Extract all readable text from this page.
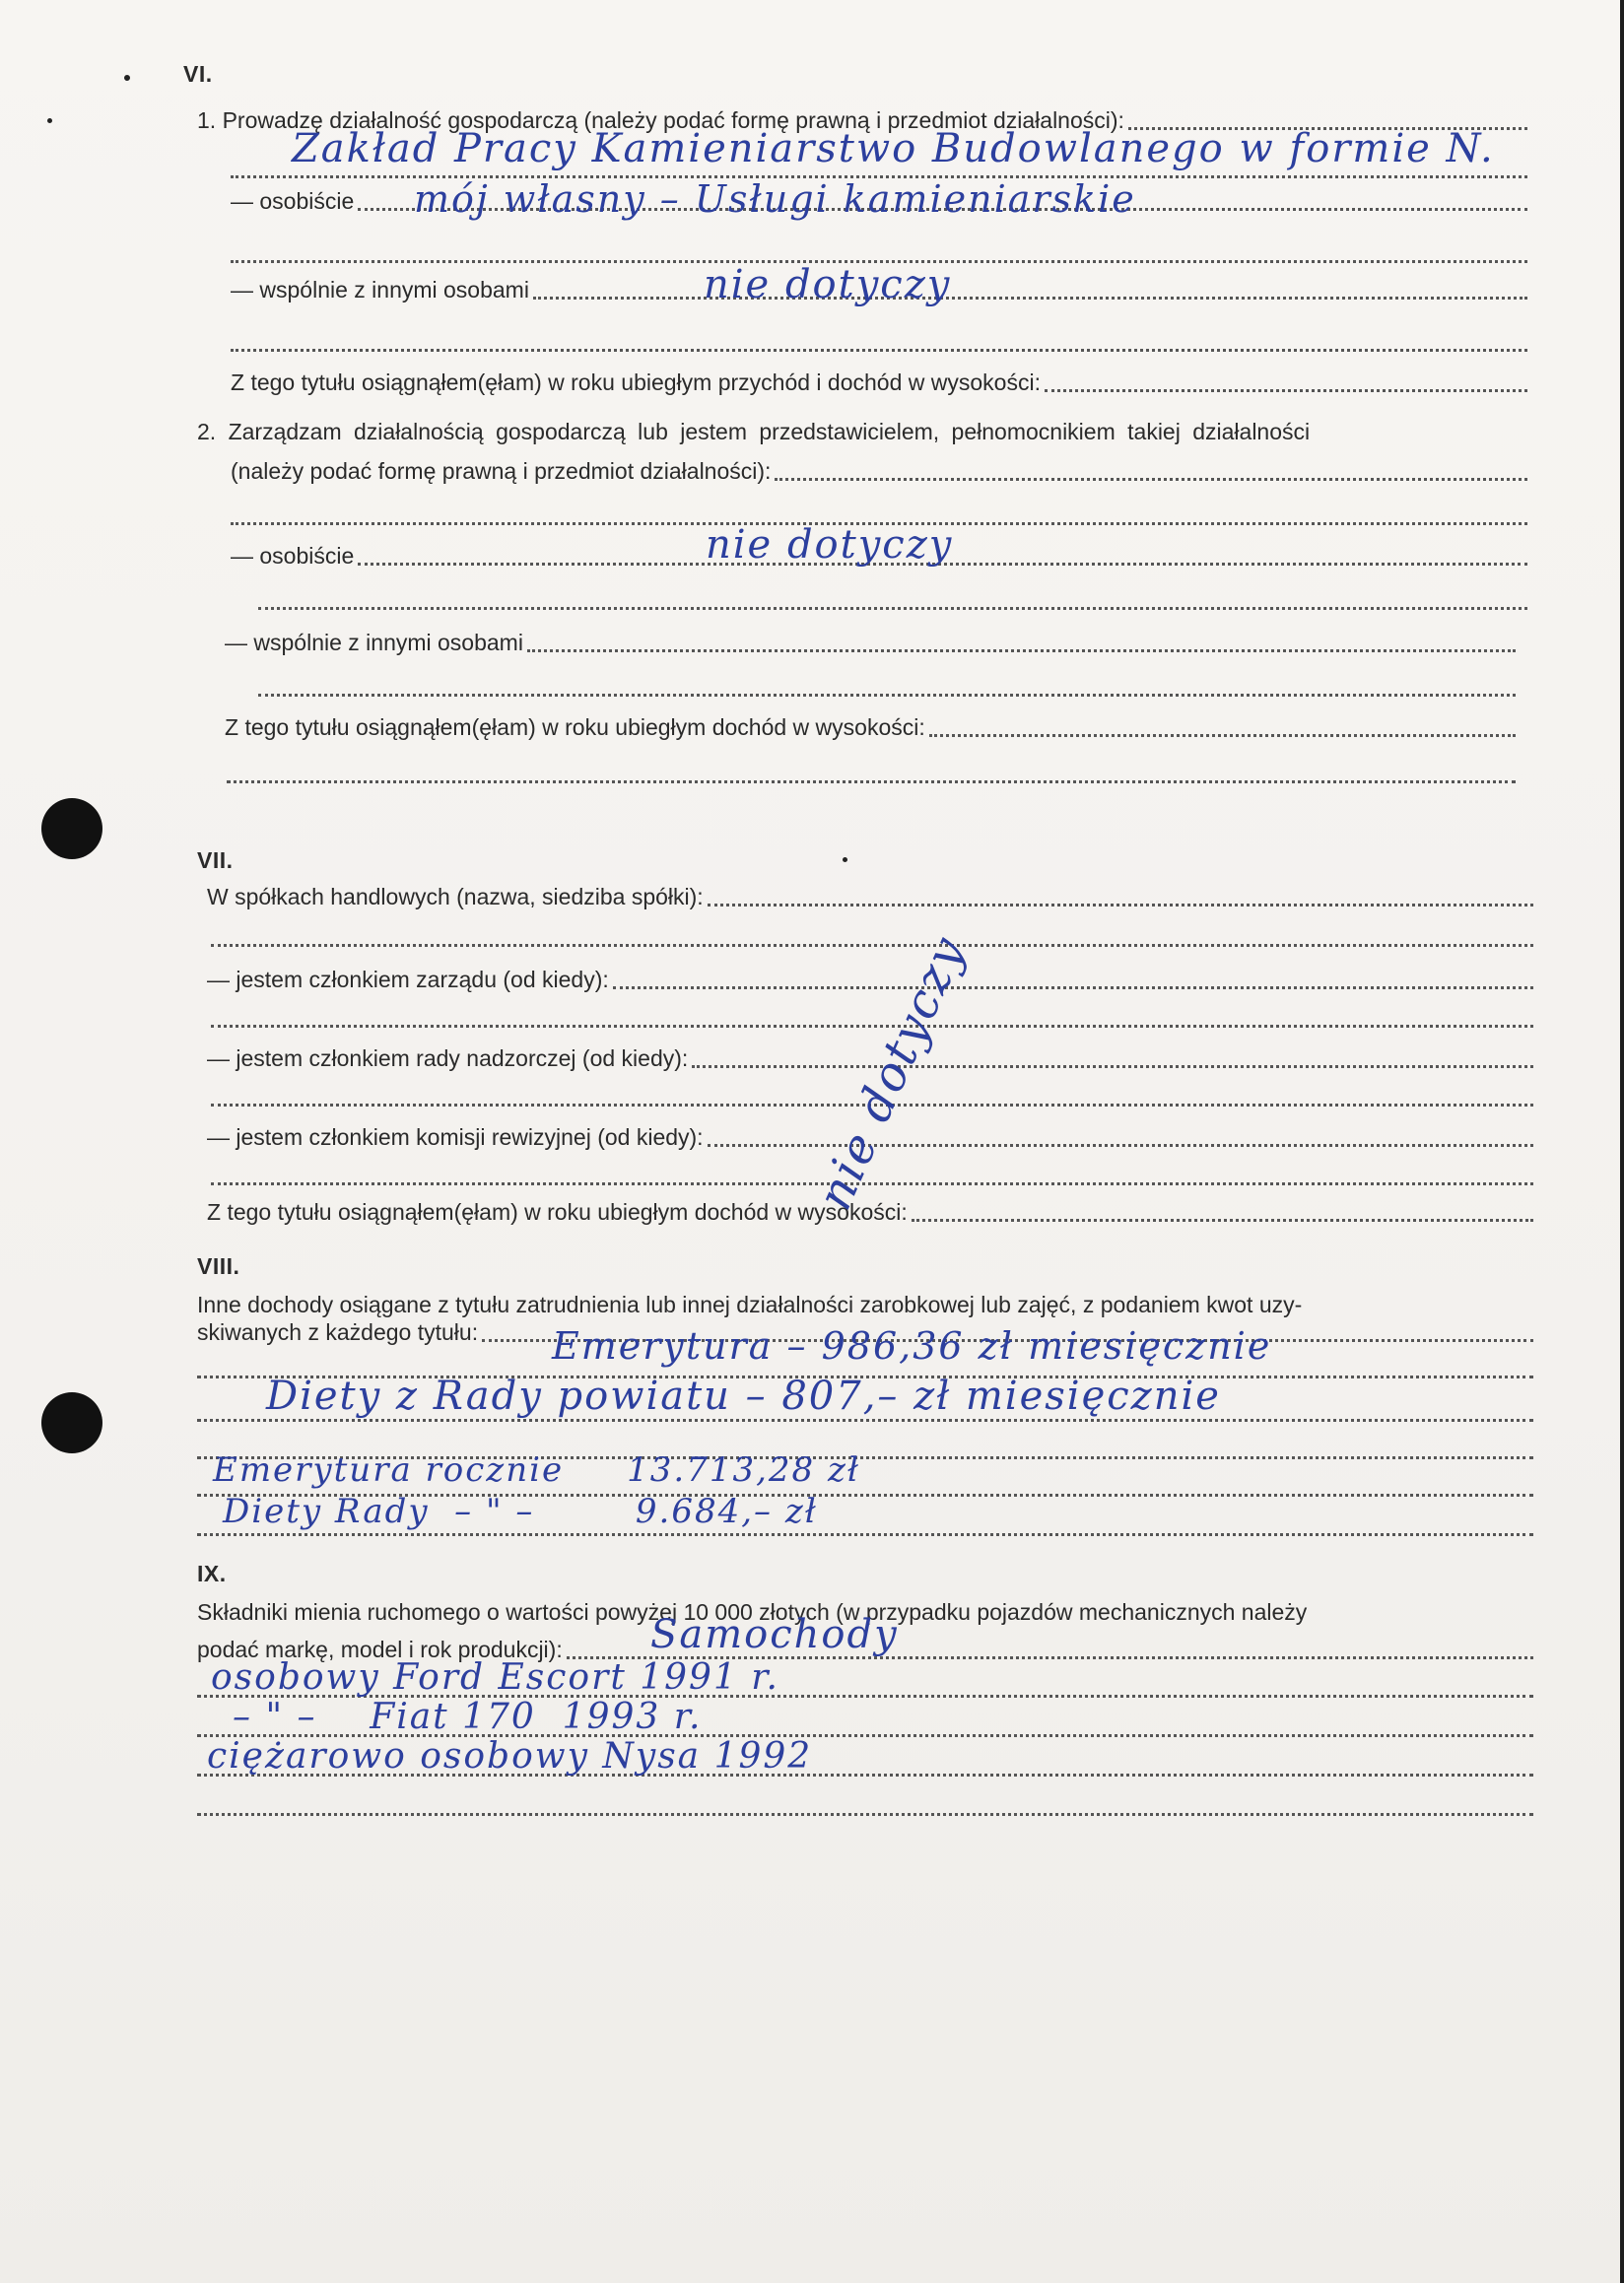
VI.
1. Prowadzę działalność gospodarczą (należy podać formę prawną i przedmiot działalności):
Zakład Pracy Kamieniarstwo Budowlanego w formie N.
— osobiście mój własny – Usługi kamieniarskie
— wspólnie z innymi osobami	nie dotyczy
Z tego tytułu osiągnąłem(ęłam) w roku ubiegłym przychód i dochód w wysokości:
2. Zarządzam działalnością gospodarczą lub jestem przedstawicielem, pełnomocnikiem takiej działalności
(należy podać formę prawną i przedmiot działalności):
— osobiście	nie dotyczy
— wspólnie z innymi osobami
Z tego tytułu osiągnąłem(ęłam) w roku ubiegłym dochód w wysokości:
VII.
W spółkach handlowych (nazwa, siedziba spółki):
— jestem członkiem zarządu (od kiedy):
— jestem członkiem rady nadzorczej (od kiedy):
— jestem członkiem komisji rewizyjnej (od kiedy):
Z tego tytułu osiągnąłem(ęłam) w roku ubiegłym dochód w wysokości:
nie dotyczy
VIII.
Inne dochody osiągane z tytułu zatrudnienia lub innej działalności zarobkowej lub zajęć, z podaniem kwot uzy-
skiwanych z każdego tytułu: Emerytura – 986,36 zł miesięcznie
Diety z Rady powiatu – 807,– zł miesięcznie
Emerytura rocznie     13.713,28 zł
Diety Rady  – " –        9.684,– zł
IX.
Składniki mienia ruchomego o wartości powyżej 10 000 złotych (w przypadku pojazdów mechanicznych należy
podać markę, model i rok produkcji): Samochody
osobowy Ford Escort 1991 r.
– " –    Fiat 170  1993 r.
ciężarowo osobowy Nysa 1992
